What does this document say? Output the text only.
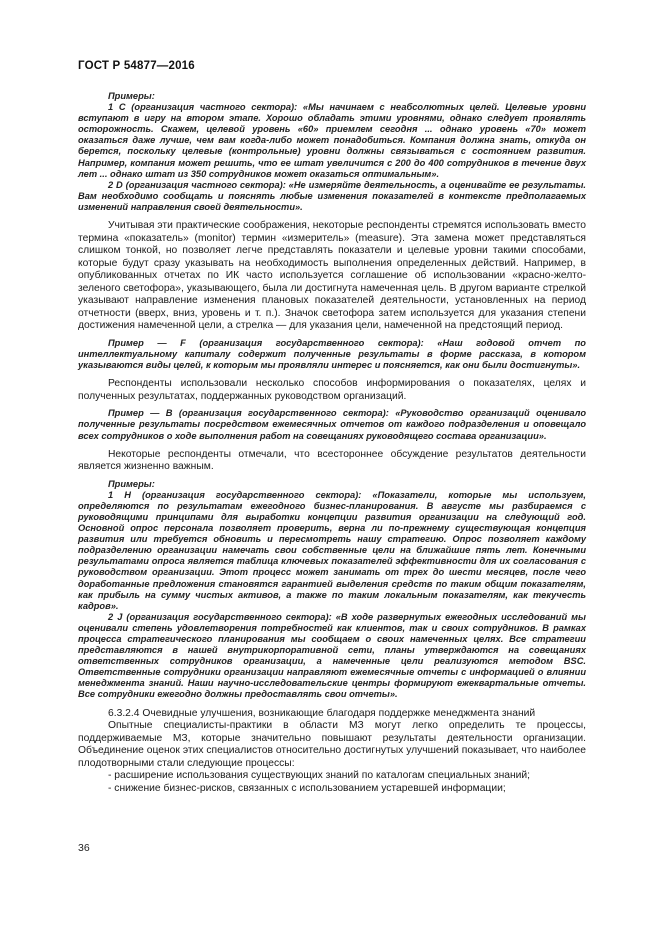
ГОСТ Р 54877—2016

Примеры:

1 С (организация частного сектора): «Мы начинаем с неабсолютных целей. Целевые уровни вступают в игру на втором этапе. Хорошо обладать этими уровнями, однако следует проявлять осторожность. Скажем, целевой уровень «60» приемлем сегодня ... однако уровень «70» может оказаться даже лучше, чем вам когда-либо может понадобиться. Компания должна знать, откуда он берется, поскольку целевые (контрольные) уровни должны связываться с состоянием развития. Например, компания может решить, что ее штат увеличится с 200 до 400 сотрудников в течение двух лет ... однако штат из 350 сотрудников может оказаться оптимальным».

2 D (организация частного сектора): «Не измеряйте деятельность, а оценивайте ее результаты. Вам необходимо сообщать и пояснять любые изменения показателей в контексте предполагаемых изменений направления своей деятельности».

Учитывая эти практические соображения, некоторые респонденты стремятся использовать вместо термина «показатель» (monitor) термин «измеритель» (measure). Эта замена может представляться слишком тонкой, но позволяет легче представлять показатели и целевые уровни такими способами, которые будут сразу указывать на необходимость выполнения определенных действий. Например, в опубликованных отчетах по ИК часто используется соглашение об использовании «красно-желто-зеленого светофора», указывающего, была ли достигнута намеченная цель. В другом варианте стрелкой указывают направление изменения плановых показателей деятельности, установленных на период отчетности (вверх, вниз, уровень и т. п.). Значок светофора затем используется для указания степени достижения намеченной цели, а стрелка — для указания цели, намеченной на предстоящий период.

Пример — F (организация государственного сектора): «Наш годовой отчет по интеллектуальному капиталу содержит полученные результаты в форме рассказа, в котором указываются виды целей, к которым мы проявляли интерес и поясняется, как они были достигнуты».

Респонденты использовали несколько способов информирования о показателях, целях и полученных результатах, поддержанных руководством организаций.

Пример — В (организация государственного сектора): «Руководство организаций оценивало полученные результаты посредством ежемесячных отчетов от каждого подразделения и оповещало всех сотрудников о ходе выполнения работ на совещаниях руководящего состава организации».

Некоторые респонденты отмечали, что всестороннее обсуждение результатов деятельности является жизненно важным.

Примеры:

1 Н (организация государственного сектора): «Показатели, которые мы используем, определяются по результатам ежегодного бизнес-планирования. В августе мы разбираемся с руководящими принципами для выработки концепции развития организации на следующий год. Основной опрос персонала позволяет проверить, верна ли по-прежнему существующая концепция развития или требуется обновить и пересмотреть нашу стратегию. Опрос позволяет каждому подразделению организации намечать свои собственные цели на ближайшие пять лет. Конечными результатами опроса является таблица ключевых показателей эффективности для их согласования с руководством организации. Этот процесс может занимать от трех до шести месяцев, после чего доработанные предложения становятся гарантией выделения средств по таким общим показателям, как прибыль на сумму чистых активов, а также по таким локальным показателям, как текучесть кадров».

2 J (организация государственного сектора): «В ходе развернутых ежегодных исследований мы оценивали степень удовлетворения потребностей как клиентов, так и своих сотрудников. В рамках процесса стратегического планирования мы сообщаем о своих намеченных целях. Все стратегии представляются в нашей внутрикорпоративной сети, планы утверждаются на совещаниях ответственных сотрудников организации, а намеченные цели реализуются методом BSC. Ответственные сотрудники организации направляют ежемесячные отчеты с информацией о влиянии менеджмента знаний. Наши научно-исследовательские центры формируют ежеквартальные отчеты. Все сотрудники ежегодно должны предоставлять свои отчеты».

6.3.2.4 Очевидные улучшения, возникающие благодаря поддержке менеджмента знаний

Опытные специалисты-практики в области МЗ могут легко определить те процессы, поддерживаемые МЗ, которые значительно повышают результаты деятельности организации. Объединение оценок этих специалистов относительно достигнутых улучшений показывает, что наиболее плодотворными стали следующие процессы:

- расширение использования существующих знаний по каталогам специальных знаний;

- снижение бизнес-рисков, связанных с использованием устаревшей информации;

36
